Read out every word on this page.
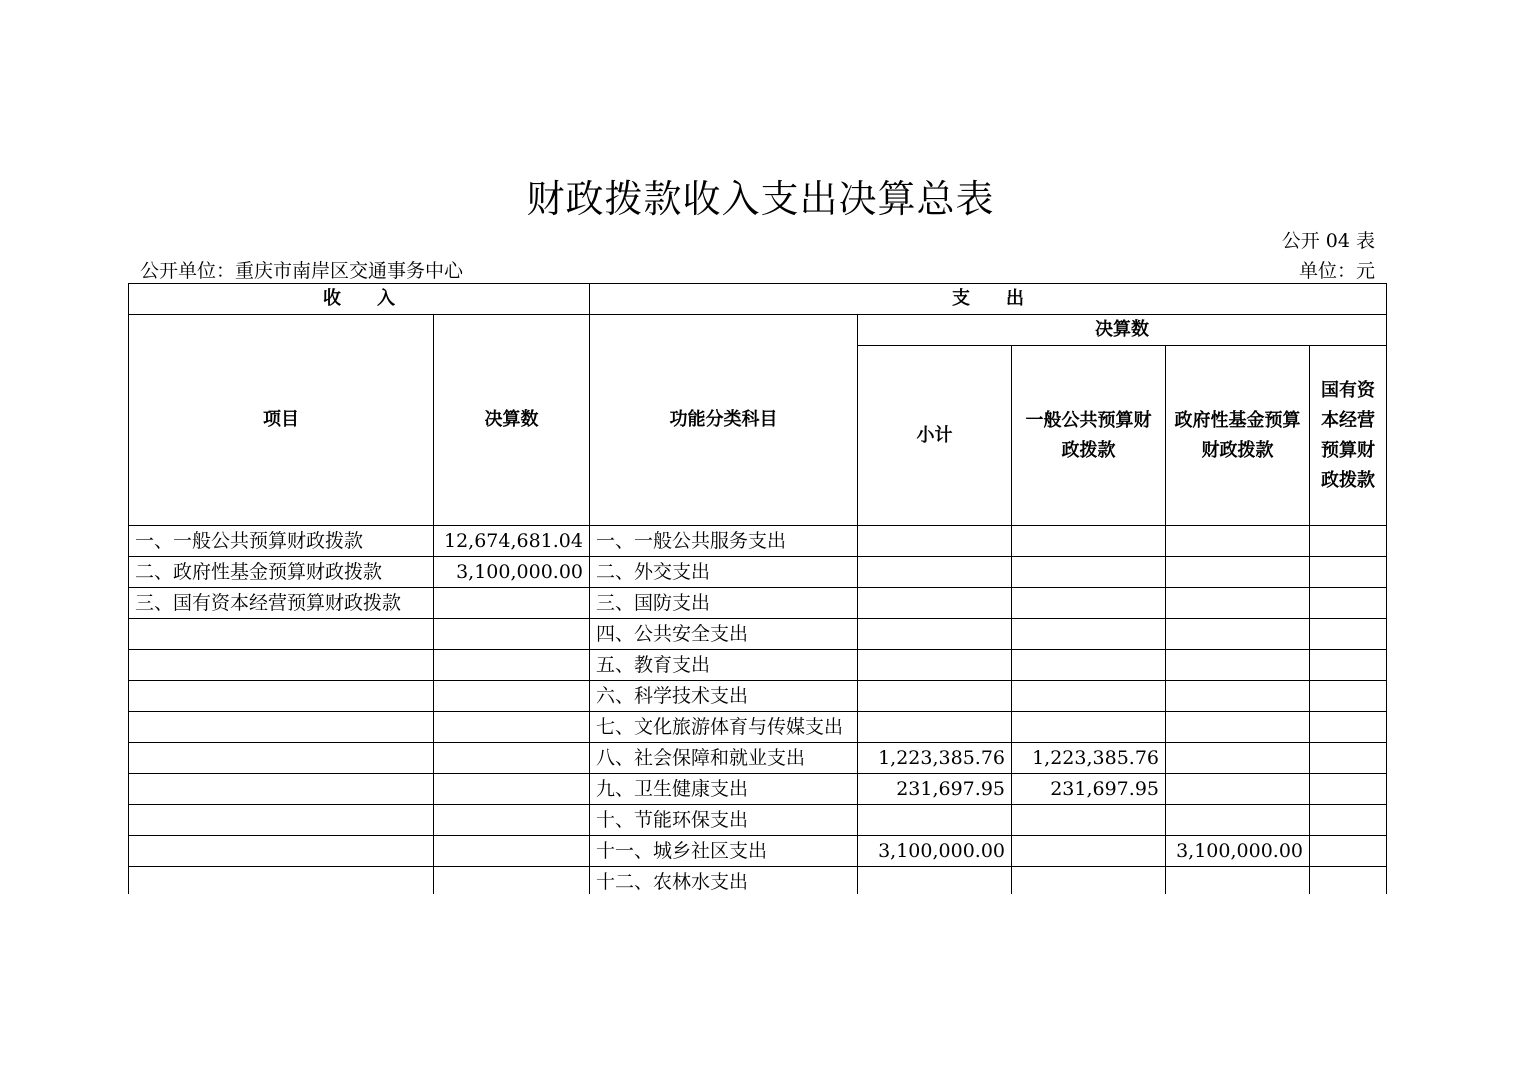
财政拨款收入支出决算总表
公开 04 表
公开单位：重庆市南岸区交通事务中心	单位：元
收　　入		支　　出				
项目	决算数	功能分类科目	决算数			
			小计	一般公共预算财政拨款	政府性基金预算财政拨款	国有资本经营预算财政拨款
一、一般公共预算财政拨款	12,674,681.04	一、一般公共服务支出				
二、政府性基金预算财政拨款	3,100,000.00	二、外交支出				
三、国有资本经营预算财政拨款		三、国防支出				
		四、公共安全支出				
		五、教育支出				
		六、科学技术支出				
		七、文化旅游体育与传媒支出				
		八、社会保障和就业支出	1,223,385.76	1,223,385.76		
		九、卫生健康支出	231,697.95	231,697.95		
		十、节能环保支出				
		十一、城乡社区支出	3,100,000.00		3,100,000.00	
		十二、农林水支出				
